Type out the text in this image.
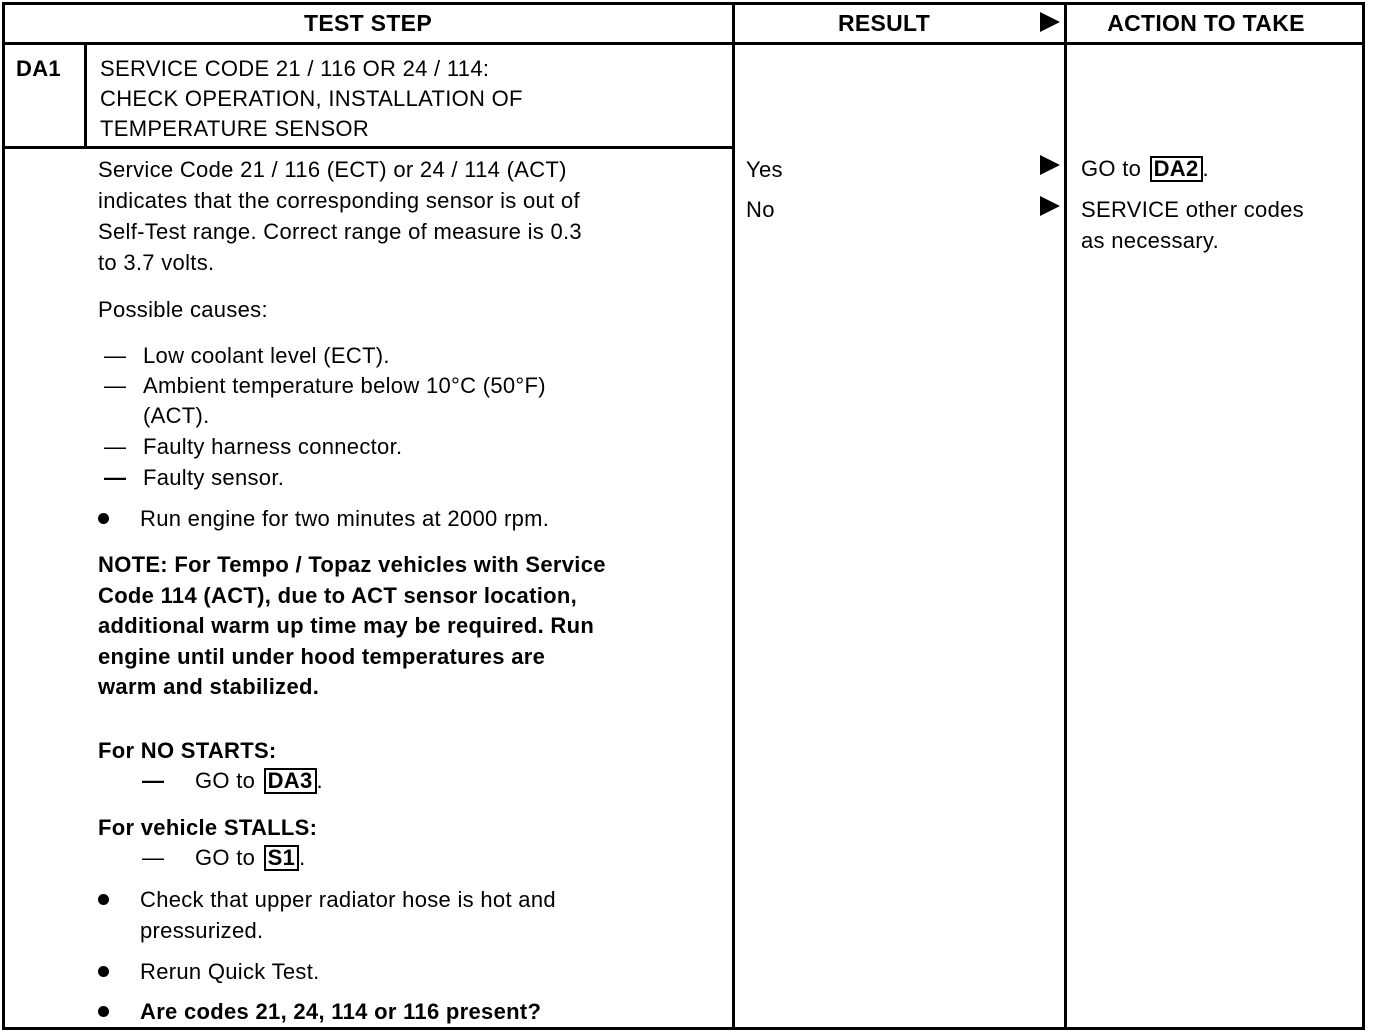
TEST STEP	RESULT	ACTION TO TAKE
DA1 SERVICE CODE 21 / 116 OR 24 / 114:
CHECK OPERATION, INSTALLATION OF
TEMPERATURE SENSOR
Service Code 21 / 116 (ECT) or 24 / 114 (ACT)
indicates that the corresponding sensor is out of
Self-Test range. Correct range of measure is 0.3
to 3.7 volts.
Possible causes:
— Low coolant level (ECT).
— Ambient temperature below 10°C (50°F)
(ACT).
— Faulty harness connector.
— Faulty sensor.
Run engine for two minutes at 2000 rpm.
NOTE: For Tempo / Topaz vehicles with Service
Code 114 (ACT), due to ACT sensor location,
additional warm up time may be required. Run
engine until under hood temperatures are
warm and stabilized.
For NO STARTS:
— GO to DA3 .
For vehicle STALLS:
— GO to S1 .
Check that upper radiator hose is hot and
pressurized.
Rerun Quick Test.
Are codes 21, 24, 114 or 116 present?
Yes
No
GO to DA2 .
SERVICE other codes
as necessary.
